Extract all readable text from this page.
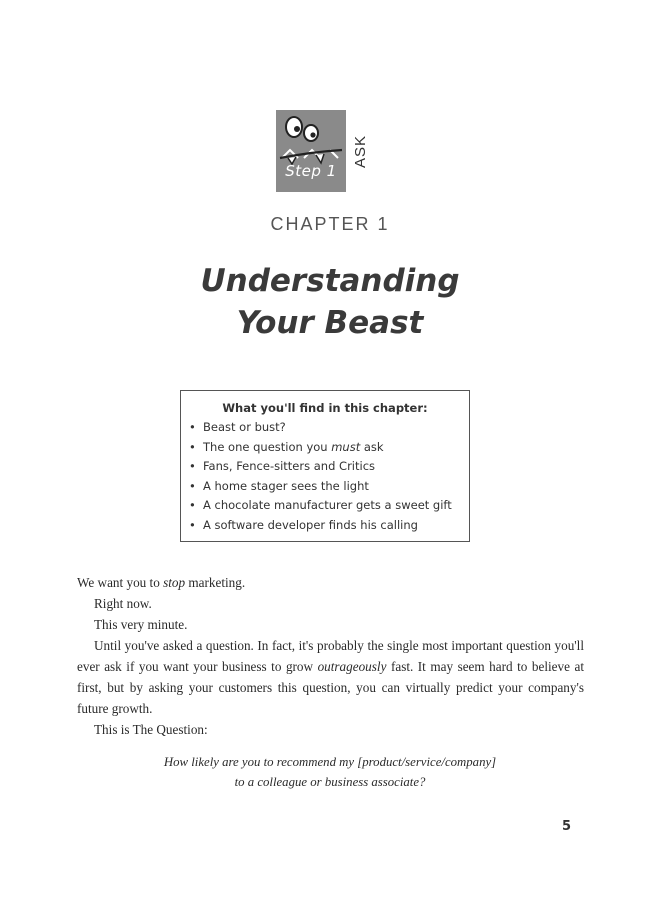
Step 1
ASK
CHAPTER 1
Understanding
Your Beast
What you'll find in this chapter:
• Beast or bust?
• The one question you must ask
• Fans, Fence-sitters and Critics
• A home stager sees the light
• A chocolate manufacturer gets a sweet gift
• A software developer finds his calling

We want you to stop marketing.

Right now.

This very minute.

Until you've asked a question. In fact, it's probably the single most important question you'll ever ask if you want your business to grow outrageously fast. It may seem hard to believe at first, but by asking your customers this question, you can virtually predict your company's future growth.

This is The Question:

How likely are you to recommend my [product/service/company]
to a colleague or business associate?
5
